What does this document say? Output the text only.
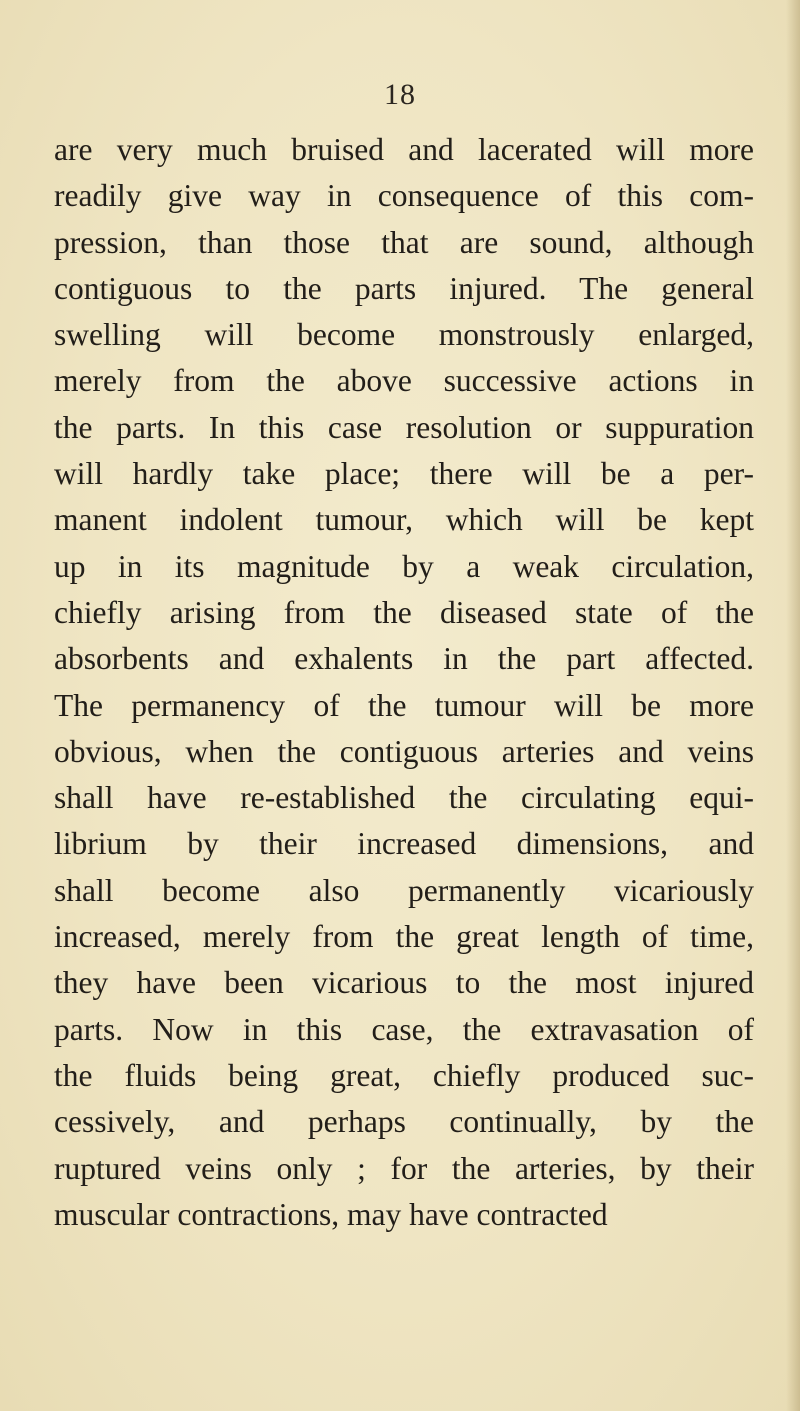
18
are very much bruised and lacerated will more
readily give way in consequence of this com-
pression, than those that are sound, although
contiguous to the parts injured. The general
swelling will become monstrously enlarged,
merely from the above successive actions in
the parts. In this case resolution or suppuration
will hardly take place; there will be a per-
manent indolent tumour, which will be kept
up in its magnitude by a weak circulation,
chiefly arising from the diseased state of the
absorbents and exhalents in the part affected.
The permanency of the tumour will be more
obvious, when the contiguous arteries and veins
shall have re-established the circulating equi-
librium by their increased dimensions, and
shall become also permanently vicariously
increased, merely from the great length of time,
they have been vicarious to the most injured
parts. Now in this case, the extravasation of
the fluids being great, chiefly produced suc-
cessively, and perhaps continually, by the
ruptured veins only ; for the arteries, by their
muscular contractions, may have contracted
